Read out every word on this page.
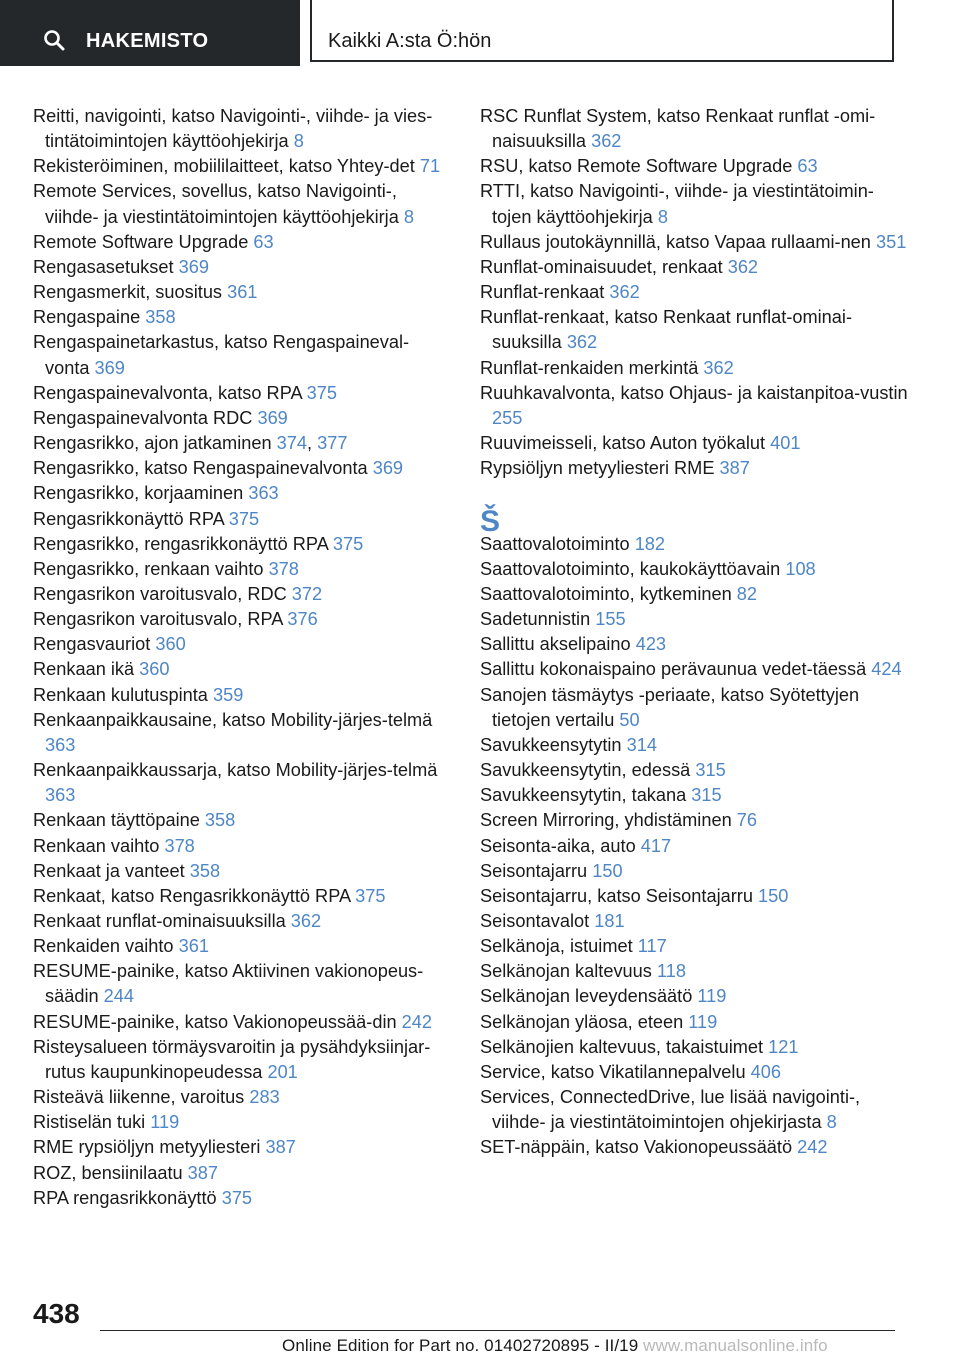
HAKEMISTO	Kaikki A:sta Ö:hön
Reitti, navigointi, katso Navigointi-, viihde- ja vies-tintätoimintojen käyttöohjekirja 8
Rekisteröiminen, mobiililaitteet, katso Yhtey-det 71
Remote Services, sovellus, katso Navigointi-, viihde- ja viestintätoimintojen käyttöohjekirja 8
Remote Software Upgrade 63
Rengasasetukset 369
Rengasmerkit, suositus 361
Rengaspaine 358
Rengaspainetarkastus, katso Rengaspaineval-vonta 369
Rengaspainevalvonta, katso RPA 375
Rengaspainevalvonta RDC 369
Rengasrikko, ajon jatkaminen 374, 377
Rengasrikko, katso Rengaspainevalvonta 369
Rengasrikko, korjaaminen 363
Rengasrikkonäyttö RPA 375
Rengasrikko, rengasrikkonäyttö RPA 375
Rengasrikko, renkaan vaihto 378
Rengasrikon varoitusvalo, RDC 372
Rengasrikon varoitusvalo, RPA 376
Rengasvauriot 360
Renkaan ikä 360
Renkaan kulutuspinta 359
Renkaanpaikkausaine, katso Mobility-järjes-telmä 363
Renkaanpaikkaussarja, katso Mobility-järjes-telmä 363
Renkaan täyttöpaine 358
Renkaan vaihto 378
Renkaat ja vanteet 358
Renkaat, katso Rengasrikkonäyttö RPA 375
Renkaat runflat-ominaisuuksilla 362
Renkaiden vaihto 361
RESUME-painike, katso Aktiivinen vakionopeus-säädin 244
RESUME-painike, katso Vakionopeussää-din 242
Risteysalueen törmäysvaroitin ja pysähdyksiinjar-rutus kaupunkinopeudessa 201
Risteävä liikenne, varoitus 283
Ristiselän tuki 119
RME rypsiöljyn metyyliesteri 387
ROZ, bensiinilaatu 387
RPA rengasrikkonäyttö 375
RSC Runflat System, katso Renkaat runflat -omi-naisuuksilla 362
RSU, katso Remote Software Upgrade 63
RTTI, katso Navigointi-, viihde- ja viestintätoimin-tojen käyttöohjekirja 8
Rullaus joutokäynnillä, katso Vapaa rullaami-nen 351
Runflat-ominaisuudet, renkaat 362
Runflat-renkaat 362
Runflat-renkaat, katso Renkaat runflat-ominai-suuksilla 362
Runflat-renkaiden merkintä 362
Ruuhkavalvonta, katso Ohjaus- ja kaistanpitoa-vustin 255
Ruuvimeisseli, katso Auton työkalut 401
Rypsiöljyn metyyliesteri RME 387
Š
Saattovalotoiminto 182
Saattovalotoiminto, kaukokäyttöavain 108
Saattovalotoiminto, kytkeminen 82
Sadetunnistin 155
Sallittu akselipaino 423
Sallittu kokonaispaino perävaunua vedet-täessä 424
Sanojen täsmäytys -periaate, katso Syötettyjen tietojen vertailu 50
Savukkeensytytin 314
Savukkeensytytin, edessä 315
Savukkeensytytin, takana 315
Screen Mirroring, yhdistäminen 76
Seisonta-aika, auto 417
Seisontajarru 150
Seisontajarru, katso Seisontajarru 150
Seisontavalot 181
Selkänoja, istuimet 117
Selkänojan kaltevuus 118
Selkänojan leveydensäätö 119
Selkänojan yläosa, eteen 119
Selkänojien kaltevuus, takaistuimet 121
Service, katso Vikatilannepalvelu 406
Services, ConnectedDrive, lue lisää navigointi-, viihde- ja viestintätoimintojen ohjekirjasta 8
SET-näppäin, katso Vakionopeussäätö 242
438
Online Edition for Part no. 01402720895 - II/19 www.manualsonline.info
